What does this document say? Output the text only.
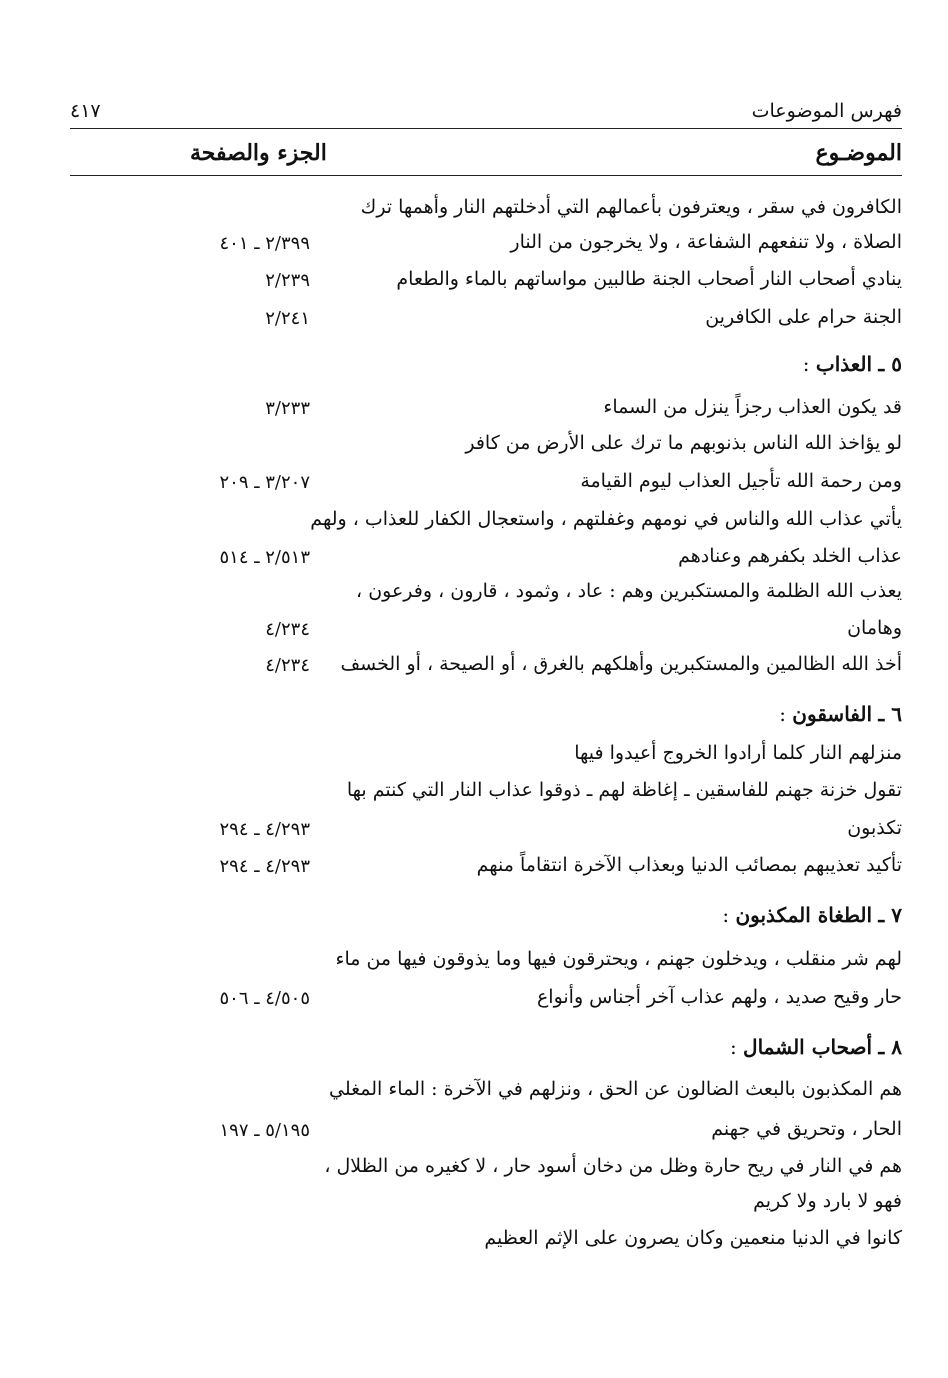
فهرس الموضوعات
٤١٧
الموضـوع
الجزء والصفحة
الكافرون في سقر ، ويعترفون بأعمالهم التي أدخلتهم النار وأهمها ترك
الصلاة ، ولا تنفعهم الشفاعة ، ولا يخرجون من النار
٢/٣٩٩ ـ ٤٠١
ينادي أصحاب النار أصحاب الجنة طالبين مواساتهم بالماء والطعام
٢/٢٣٩
الجنة حرام على الكافرين
٢/٢٤١
٥ ـ العذاب :
قد يكون العذاب رجزاً ينزل من السماء
٣/٢٣٣
لو يؤاخذ الله الناس بذنوبهم ما ترك على الأرض من كافر
ومن رحمة الله تأجيل العذاب ليوم القيامة
٣/٢٠٧ ـ ٢٠٩
يأتي عذاب الله والناس في نومهم وغفلتهم ، واستعجال الكفار للعذاب ، ولهم
عذاب الخلد بكفرهم وعنادهم
٢/٥١٣ ـ ٥١٤
يعذب الله الظلمة والمستكبرين وهم : عاد ، وثمود ، قارون ، وفرعون ،
وهامان
٤/٢٣٤
أخذ الله الظالمين والمستكبرين وأهلكهم بالغرق ، أو الصيحة ، أو الخسف
٤/٢٣٤
٦ ـ الفاسقون :
منزلهم النار كلما أرادوا الخروج أعيدوا فيها
تقول خزنة جهنم للفاسقين ـ إغاظة لهم ـ ذوقوا عذاب النار التي كنتم بها
تكذبون
٤/٢٩٣ ـ ٢٩٤
تأكيد تعذيبهم بمصائب الدنيا وبعذاب الآخرة انتقاماً منهم
٤/٢٩٣ ـ ٢٩٤
٧ ـ الطغاة المكذبون :
لهم شر منقلب ، ويدخلون جهنم ، ويحترقون فيها وما يذوقون فيها من ماء
حار وقيح صديد ، ولهم عذاب آخر أجناس وأنواع
٤/٥٠٥ ـ ٥٠٦
٨ ـ أصحاب الشمال :
هم المكذبون بالبعث الضالون عن الحق ، ونزلهم في الآخرة : الماء المغلي
الحار ، وتحريق في جهنم
٥/١٩٥ ـ ١٩٧
هم في النار في ريح حارة وظل من دخان أسود حار ، لا كغيره من الظلال ،
فهو لا بارد ولا كريم
كانوا في الدنيا منعمين وكان يصرون على الإثم العظيم
